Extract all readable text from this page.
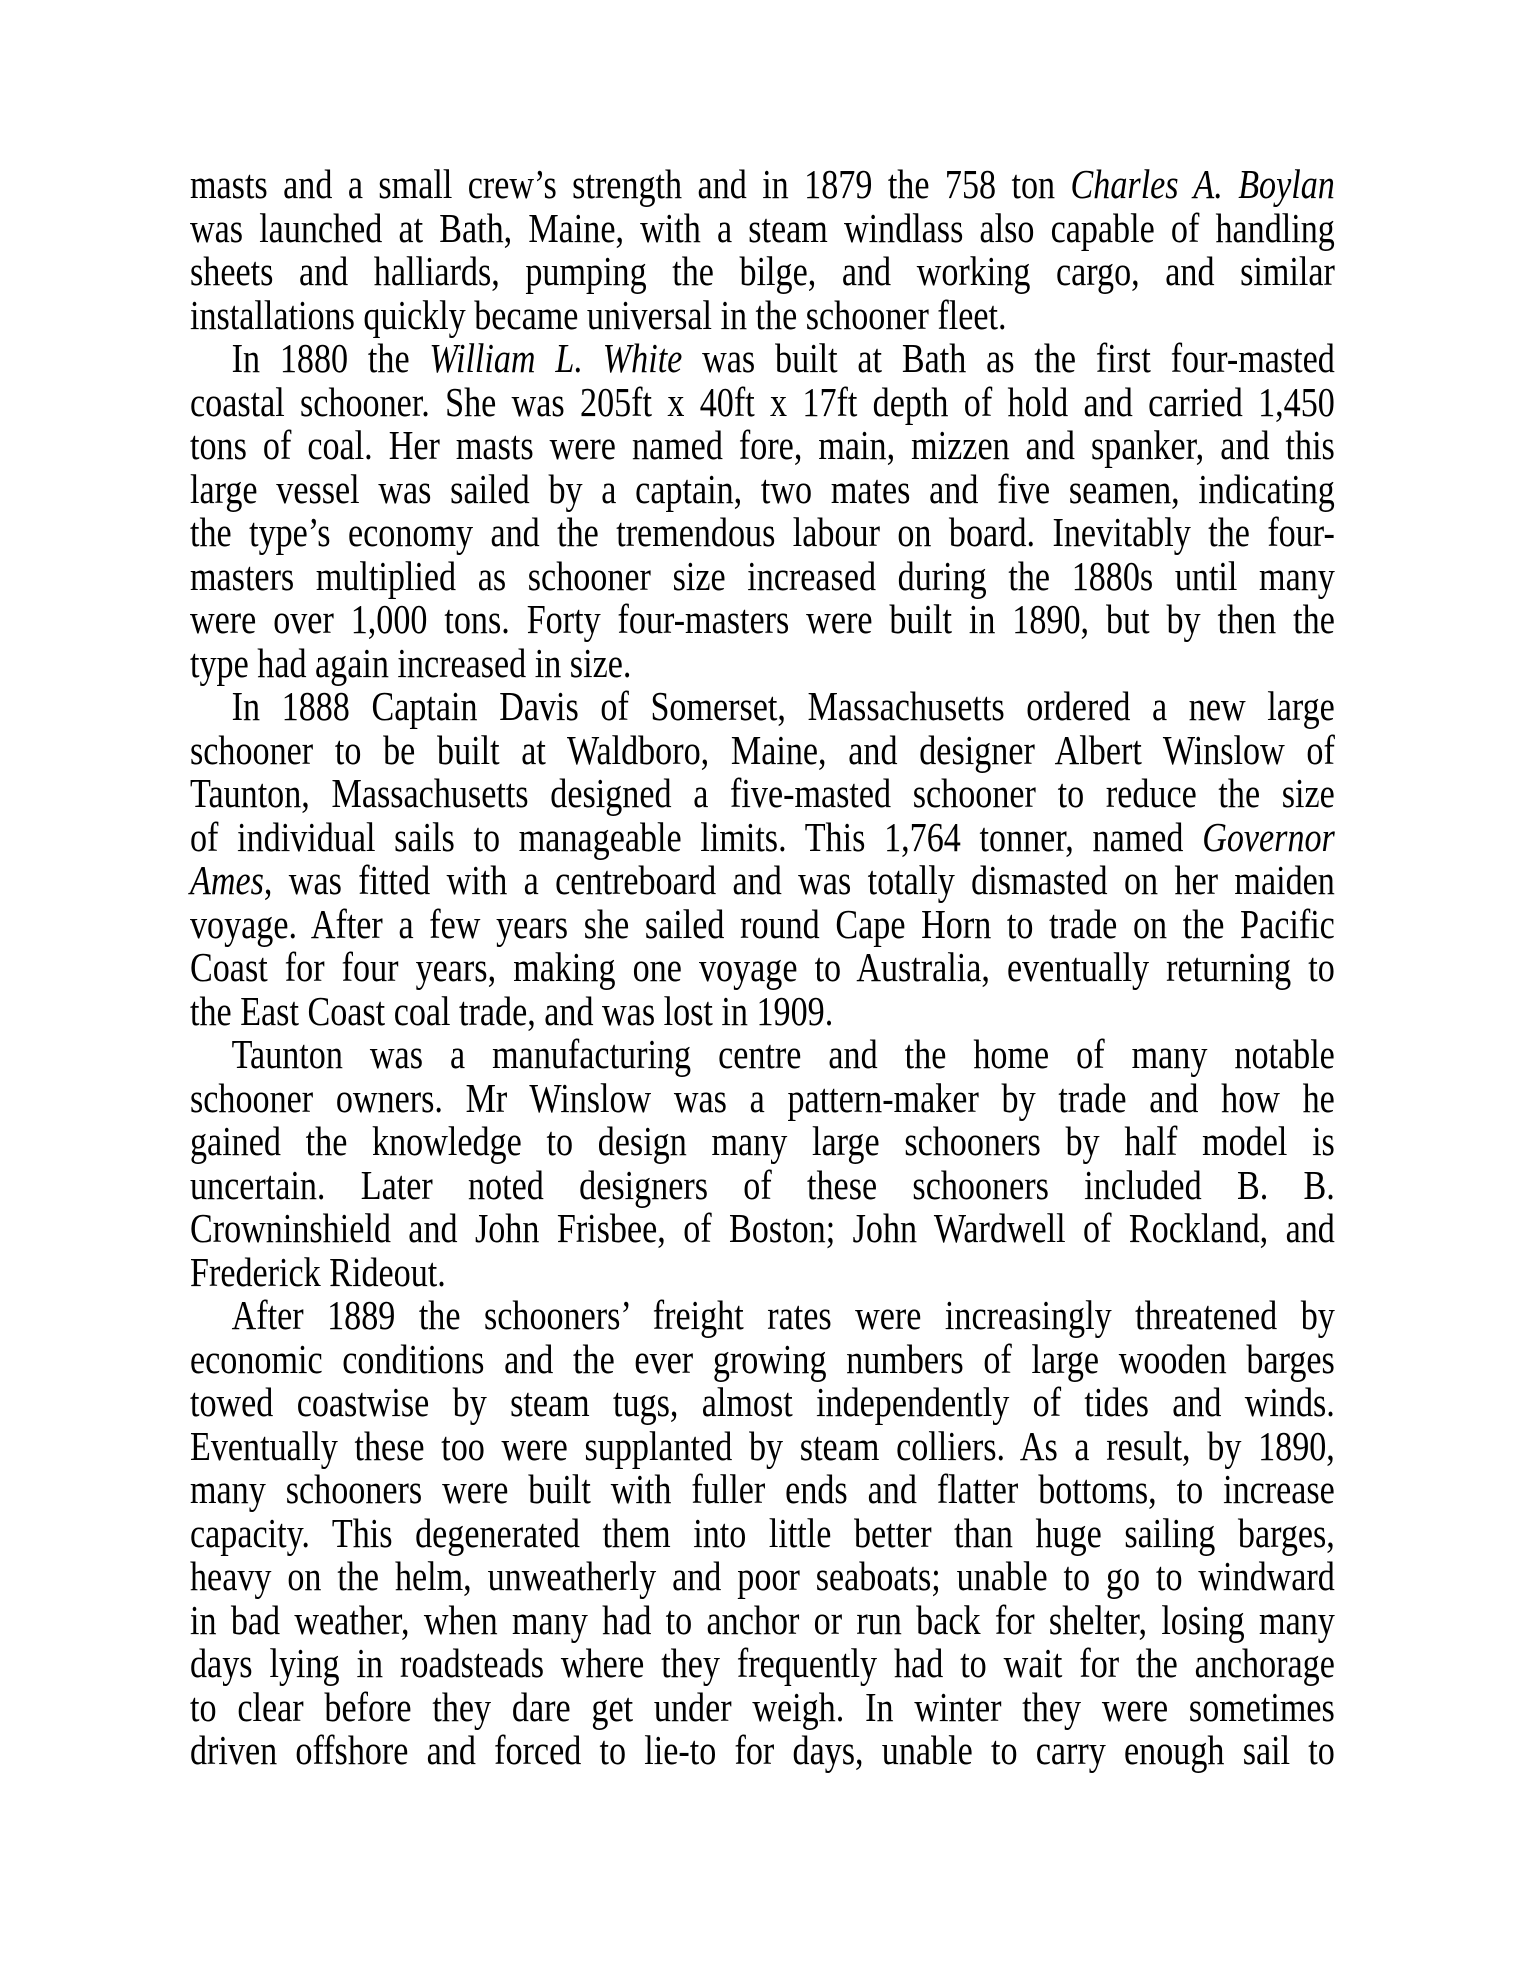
masts and a small crew’s strength and in 1879 the 758 ton Charles A. Boylan
was launched at Bath, Maine, with a steam windlass also capable of handling
sheets and halliards, pumping the bilge, and working cargo, and similar
installations quickly became universal in the schooner fleet.
In 1880 the William L. White was built at Bath as the first four-masted
coastal schooner. She was 205ft x 40ft x 17ft depth of hold and carried 1,450
tons of coal. Her masts were named fore, main, mizzen and spanker, and this
large vessel was sailed by a captain, two mates and five seamen, indicating
the type’s economy and the tremendous labour on board. Inevitably the four-
masters multiplied as schooner size increased during the 1880s until many
were over 1,000 tons. Forty four-masters were built in 1890, but by then the
type had again increased in size.
In 1888 Captain Davis of Somerset, Massachusetts ordered a new large
schooner to be built at Waldboro, Maine, and designer Albert Winslow of
Taunton, Massachusetts designed a five-masted schooner to reduce the size
of individual sails to manageable limits. This 1,764 tonner, named Governor
Ames, was fitted with a centreboard and was totally dismasted on her maiden
voyage. After a few years she sailed round Cape Horn to trade on the Pacific
Coast for four years, making one voyage to Australia, eventually returning to
the East Coast coal trade, and was lost in 1909.
Taunton was a manufacturing centre and the home of many notable
schooner owners. Mr Winslow was a pattern-maker by trade and how he
gained the knowledge to design many large schooners by half model is
uncertain. Later noted designers of these schooners included B. B.
Crowninshield and John Frisbee, of Boston; John Wardwell of Rockland, and
Frederick Rideout.
After 1889 the schooners’ freight rates were increasingly threatened by
economic conditions and the ever growing numbers of large wooden barges
towed coastwise by steam tugs, almost independently of tides and winds.
Eventually these too were supplanted by steam colliers. As a result, by 1890,
many schooners were built with fuller ends and flatter bottoms, to increase
capacity. This degenerated them into little better than huge sailing barges,
heavy on the helm, unweatherly and poor seaboats; unable to go to windward
in bad weather, when many had to anchor or run back for shelter, losing many
days lying in roadsteads where they frequently had to wait for the anchorage
to clear before they dare get under weigh. In winter they were sometimes
driven offshore and forced to lie-to for days, unable to carry enough sail to
